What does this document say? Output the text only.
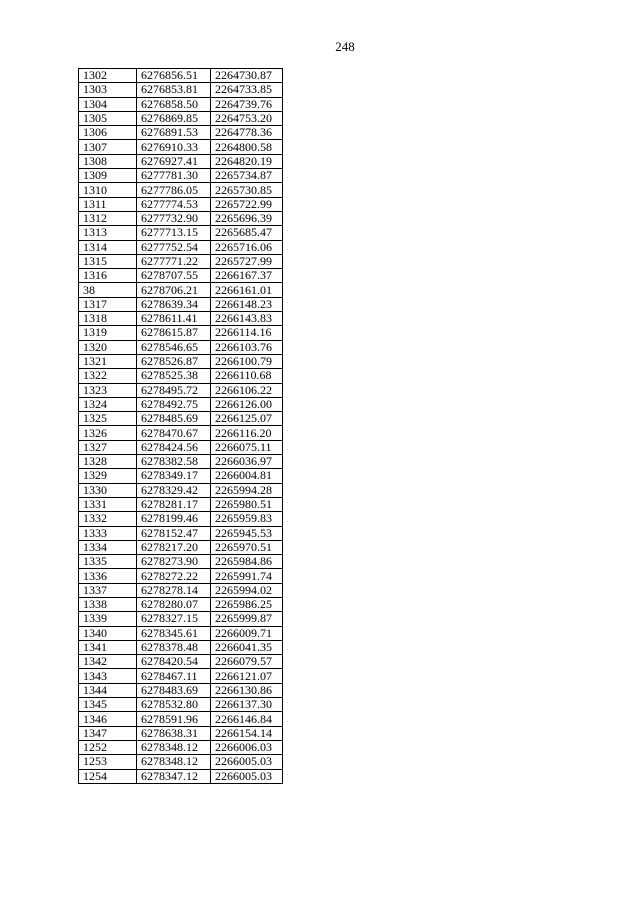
248
1302	6276856.51	2264730.87
1303	6276853.81	2264733.85
1304	6276858.50	2264739.76
1305	6276869.85	2264753.20
1306	6276891.53	2264778.36
1307	6276910.33	2264800.58
1308	6276927.41	2264820.19
1309	6277781.30	2265734.87
1310	6277786.05	2265730.85
1311	6277774.53	2265722.99
1312	6277732.90	2265696.39
1313	6277713.15	2265685.47
1314	6277752.54	2265716.06
1315	6277771.22	2265727.99
1316	6278707.55	2266167.37
38	6278706.21	2266161.01
1317	6278639.34	2266148.23
1318	6278611.41	2266143.83
1319	6278615.87	2266114.16
1320	6278546.65	2266103.76
1321	6278526.87	2266100.79
1322	6278525.38	2266110.68
1323	6278495.72	2266106.22
1324	6278492.75	2266126.00
1325	6278485.69	2266125.07
1326	6278470.67	2266116.20
1327	6278424.56	2266075.11
1328	6278382.58	2266036.97
1329	6278349.17	2266004.81
1330	6278329.42	2265994.28
1331	6278281.17	2265980.51
1332	6278199.46	2265959.83
1333	6278152.47	2265945.53
1334	6278217.20	2265970.51
1335	6278273.90	2265984.86
1336	6278272.22	2265991.74
1337	6278278.14	2265994.02
1338	6278280.07	2265986.25
1339	6278327.15	2265999.87
1340	6278345.61	2266009.71
1341	6278378.48	2266041.35
1342	6278420.54	2266079.57
1343	6278467.11	2266121.07
1344	6278483.69	2266130.86
1345	6278532.80	2266137.30
1346	6278591.96	2266146.84
1347	6278638.31	2266154.14
1252	6278348.12	2266006.03
1253	6278348.12	2266005.03
1254	6278347.12	2266005.03
